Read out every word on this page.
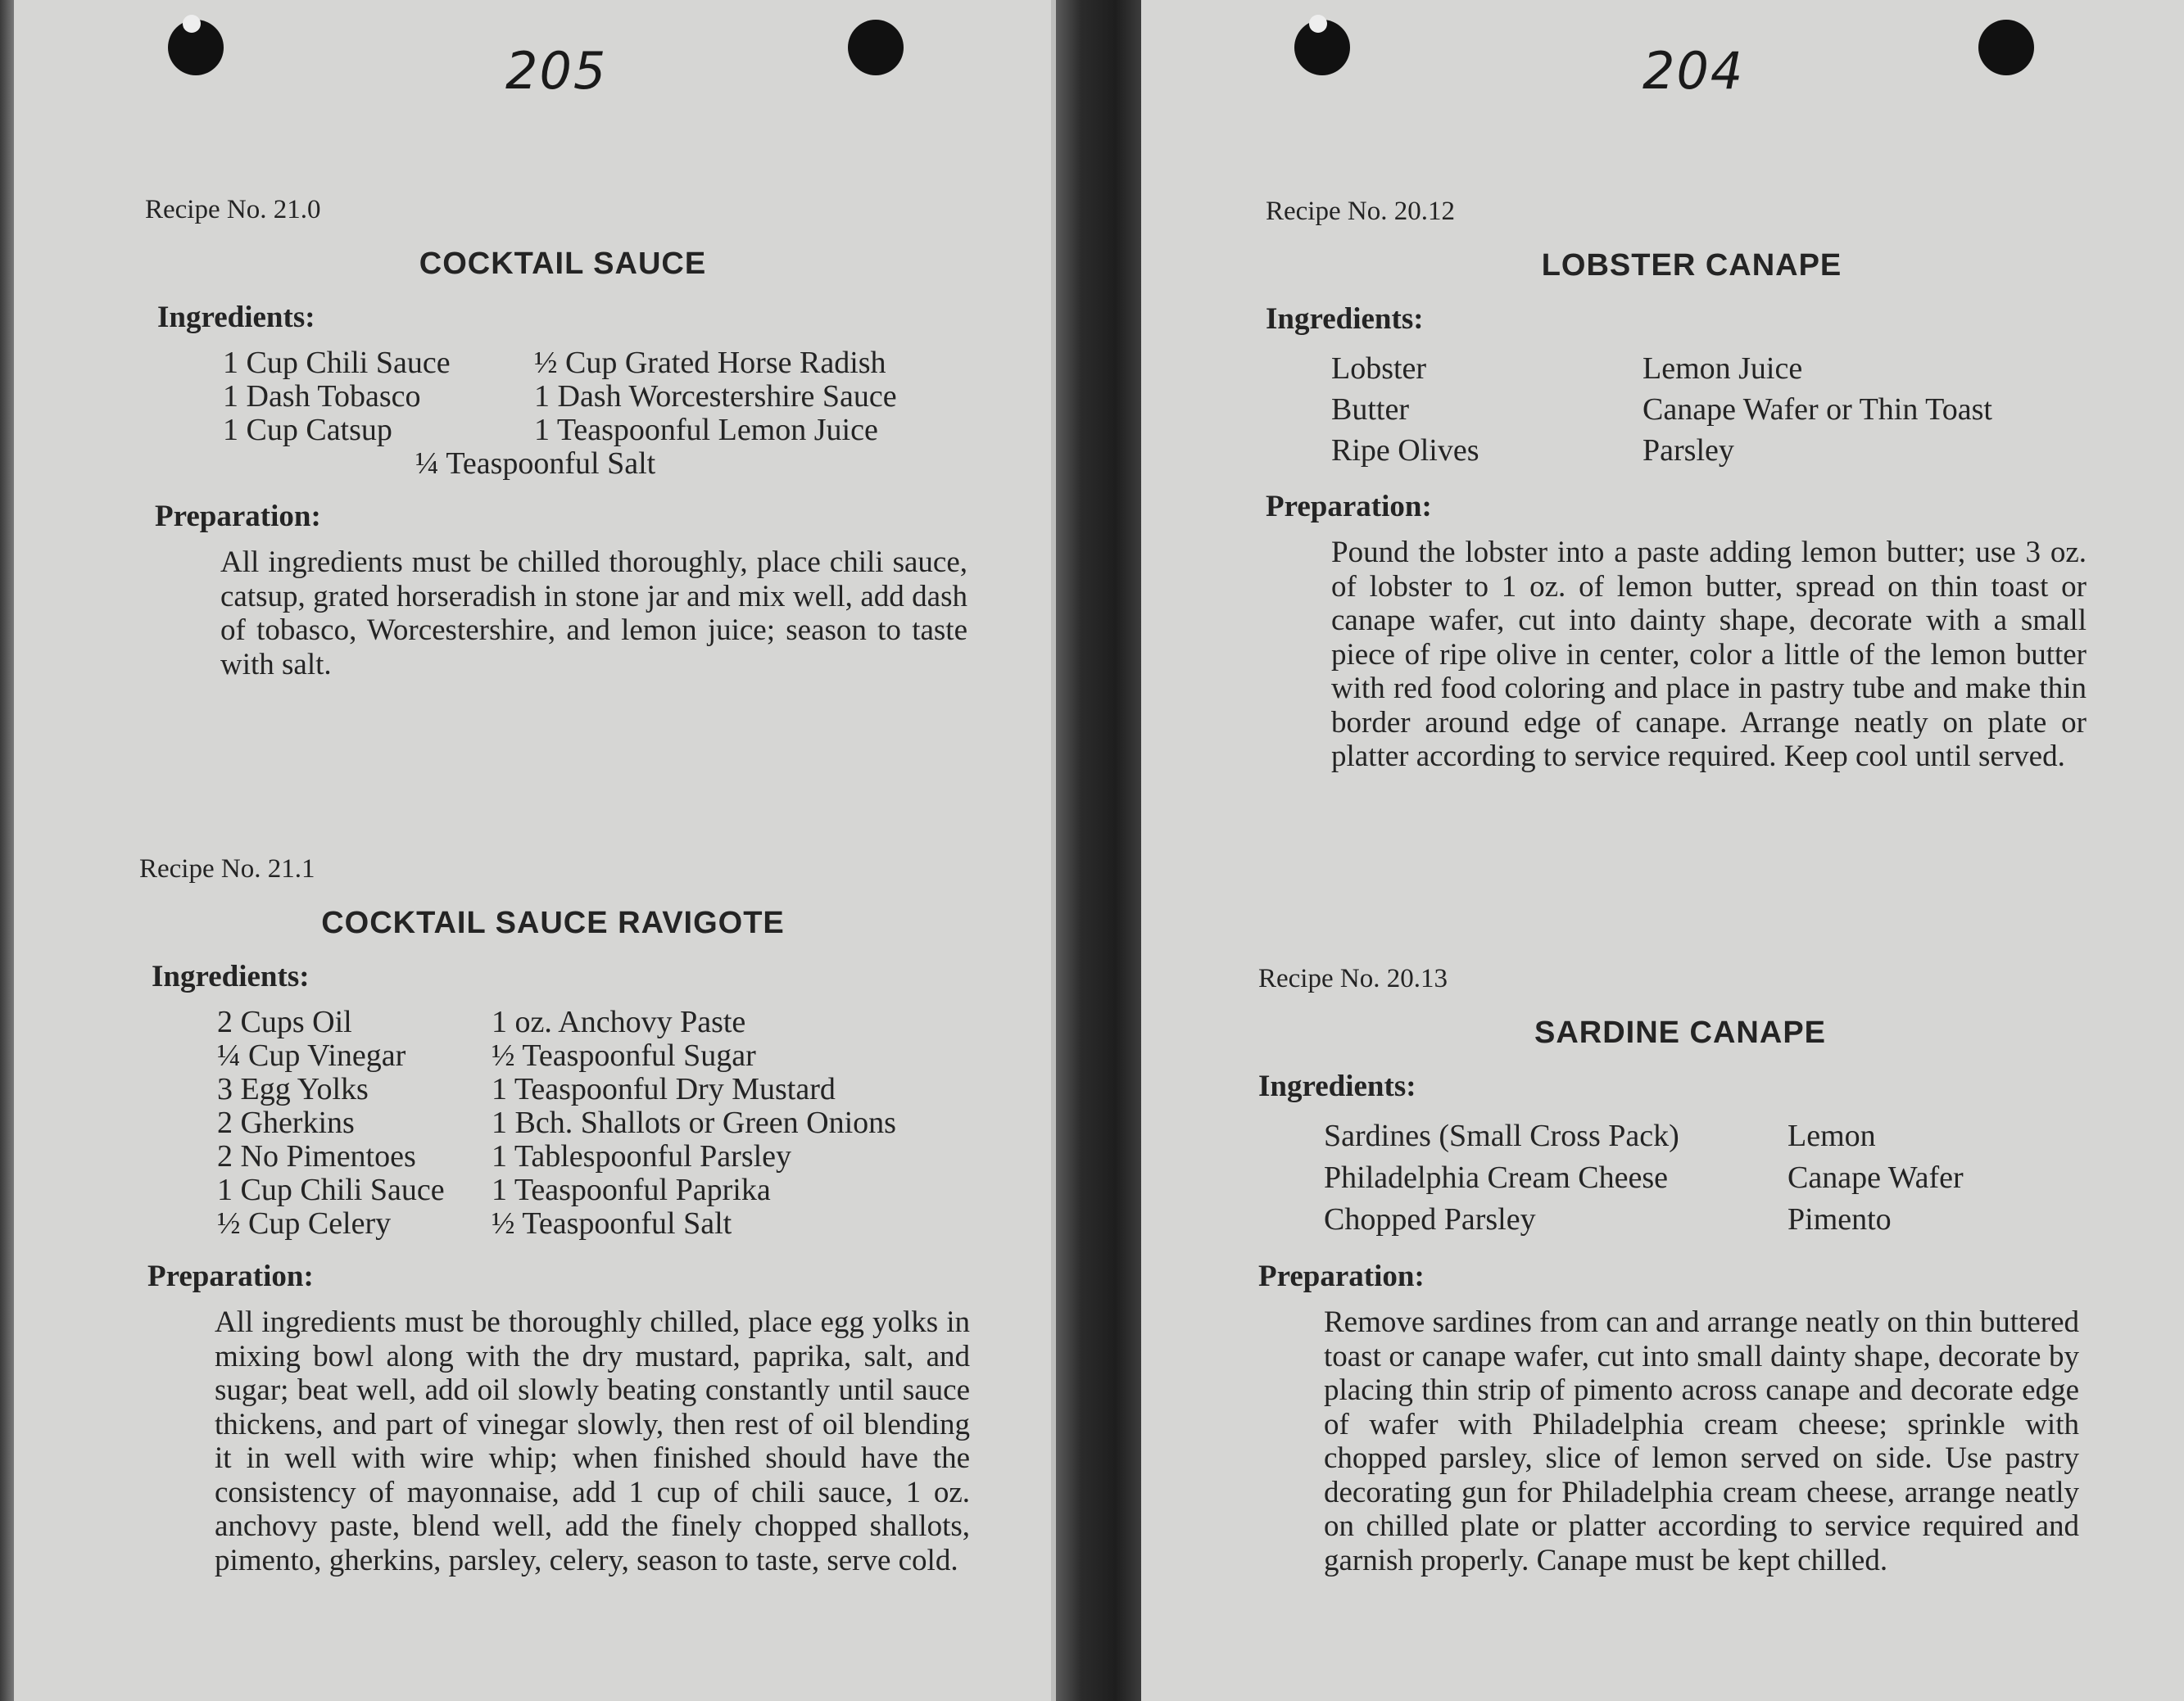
205
Recipe No. 21.0
COCKTAIL SAUCE
Ingredients:
1 Cup Chili Sauce	½ Cup Grated Horse Radish
1 Dash Tobasco	1 Dash Worcestershire Sauce
1 Cup Catsup	1 Teaspoonful Lemon Juice
¼ Teaspoonful Salt
Preparation:

All ingredients must be chilled thoroughly, place chili sauce, catsup, grated horseradish in stone jar and mix well, add dash of tobasco, Worcestershire, and lemon juice; season to taste with salt.

Recipe No. 21.1
COCKTAIL SAUCE RAVIGOTE
Ingredients:
2 Cups Oil	1 oz. Anchovy Paste
¼ Cup Vinegar	½ Teaspoonful Sugar
3 Egg Yolks	1 Teaspoonful Dry Mustard
2 Gherkins	1 Bch. Shallots or Green Onions
2 No Pimentoes	1 Tablespoonful Parsley
1 Cup Chili Sauce	1 Teaspoonful Paprika
½ Cup Celery	½ Teaspoonful Salt
Preparation:

All ingredients must be thoroughly chilled, place egg yolks in mixing bowl along with the dry mustard, paprika, salt, and sugar; beat well, add oil slowly beating constantly until sauce thickens, and part of vinegar slowly, then rest of oil blending it in well with wire whip; when finished should have the consistency of mayonnaise, add 1 cup of chili sauce, 1 oz. anchovy paste, blend well, add the finely chopped shallots, pimento, gherkins, parsley, celery, season to taste, serve cold.

204
Recipe No. 20.12
LOBSTER CANAPE
Ingredients:
Lobster	Lemon Juice
Butter	Canape Wafer or Thin Toast
Ripe Olives	Parsley
Preparation:

Pound the lobster into a paste adding lemon butter; use 3 oz. of lobster to 1 oz. of lemon butter, spread on thin toast or canape wafer, cut into dainty shape, decorate with a small piece of ripe olive in center, color a little of the lemon butter with red food coloring and place in pastry tube and make thin border around edge of canape. Arrange neatly on plate or platter according to service required. Keep cool until served.

Recipe No. 20.13
SARDINE CANAPE
Ingredients:
Sardines (Small Cross Pack)	Lemon
Philadelphia Cream Cheese	Canape Wafer
Chopped Parsley	Pimento
Preparation:

Remove sardines from can and arrange neatly on thin buttered toast or canape wafer, cut into small dainty shape, decorate by placing thin strip of pimento across canape and decorate edge of wafer with Philadelphia cream cheese; sprinkle with chopped parsley, slice of lemon served on side. Use pastry decorating gun for Philadelphia cream cheese, arrange neatly on chilled plate or platter according to service required and garnish properly. Canape must be kept chilled.
